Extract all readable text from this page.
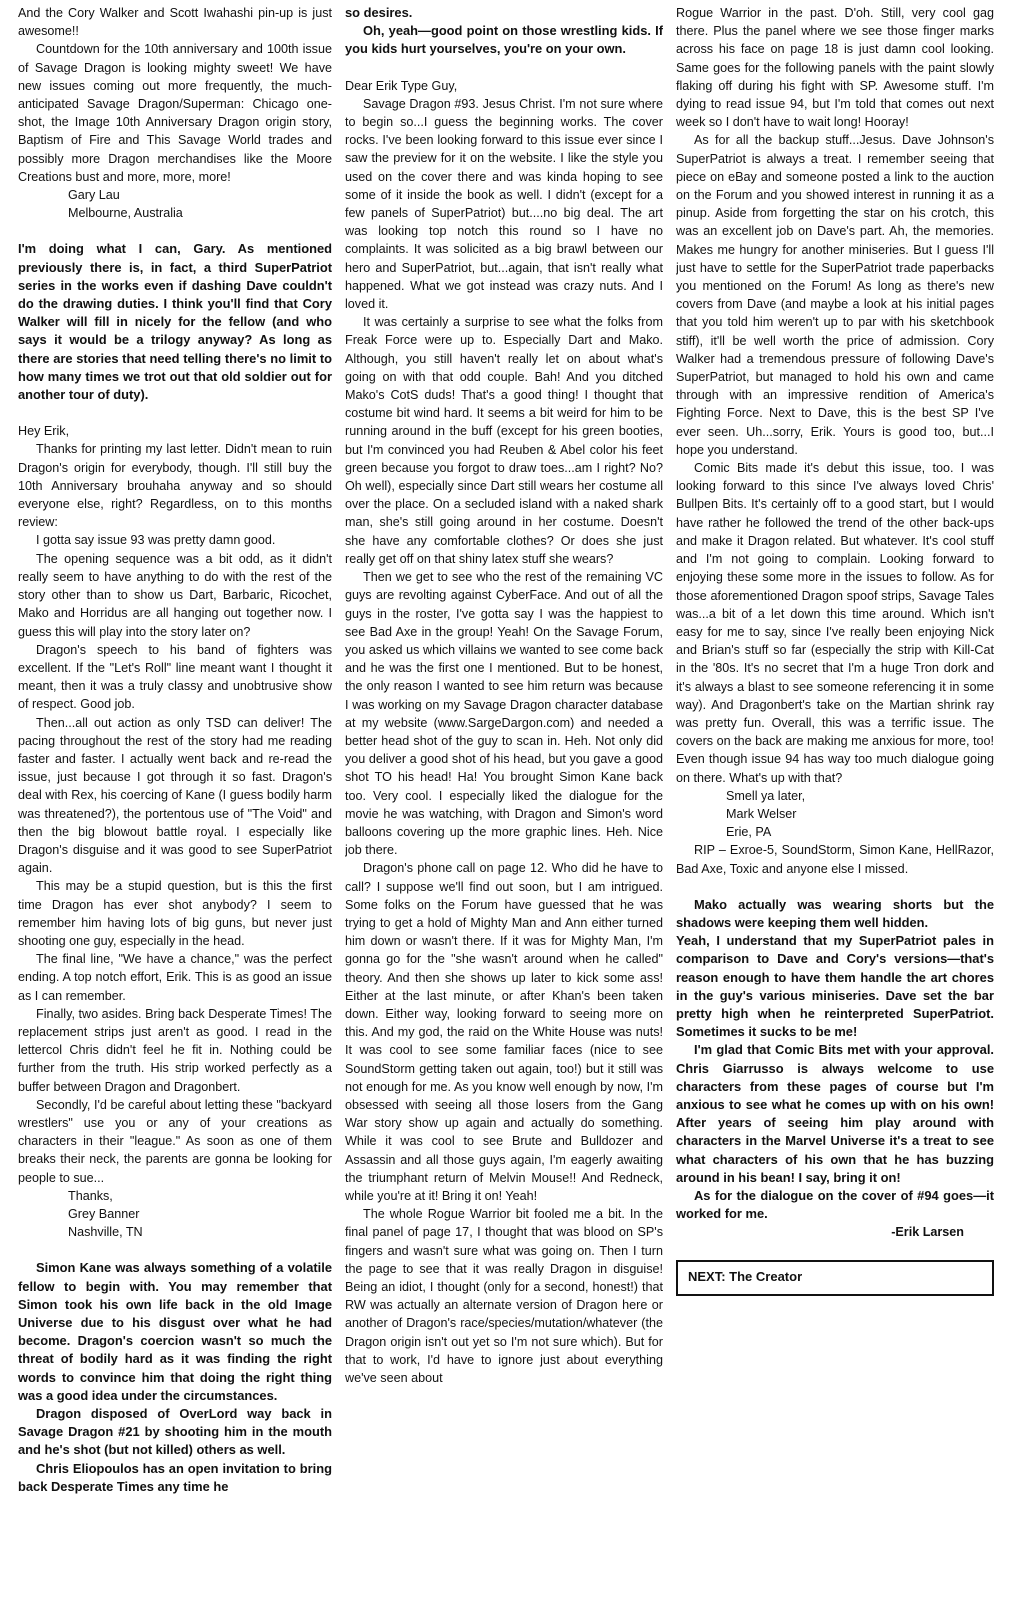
And the Cory Walker and Scott Iwahashi pin-up is just awesome!!

Countdown for the 10th anniversary and 100th issue of Savage Dragon is looking mighty sweet! We have new issues coming out more frequently, the much- anticipated Savage Dragon/Superman: Chicago one-shot, the Image 10th Anniversary Dragon origin story, Baptism of Fire and This Savage World trades and possibly more Dragon merchandises like the Moore Creations bust and more, more, more!

Gary Lau

Melbourne, Australia

I'm doing what I can, Gary. As mentioned previously there is, in fact, a third SuperPatriot series in the works even if dashing Dave couldn't do the drawing duties. I think you'll find that Cory Walker will fill in nicely for the fellow (and who says it would be a trilogy anyway? As long as there are stories that need telling there's no limit to how many times we trot out that old soldier out for another tour of duty).

Hey Erik,

Thanks for printing my last letter. Didn't mean to ruin Dragon's origin for everybody, though. I'll still buy the 10th Anniversary brouhaha anyway and so should everyone else, right? Regardless, on to this months review:

I gotta say issue 93 was pretty damn good.

The opening sequence was a bit odd, as it didn't really seem to have anything to do with the rest of the story other than to show us Dart, Barbaric, Ricochet, Mako and Horridus are all hanging out together now. I guess this will play into the story later on?

Dragon's speech to his band of fighters was excellent. If the "Let's Roll" line meant want I thought it meant, then it was a truly classy and unobtrusive show of respect. Good job.

Then...all out action as only TSD can deliver! The pacing throughout the rest of the story had me reading faster and faster. I actually went back and re-read the issue, just because I got through it so fast. Dragon's deal with Rex, his coercing of Kane (I guess bodily harm was threatened?), the portentous use of "The Void" and then the big blowout battle royal. I especially like Dragon's disguise and it was good to see SuperPatriot again.

This may be a stupid question, but is this the first time Dragon has ever shot anybody? I seem to remember him having lots of big guns, but never just shooting one guy, especially in the head.

The final line, "We have a chance," was the perfect ending. A top notch effort, Erik. This is as good an issue as I can remember.

Finally, two asides. Bring back Desperate Times! The replacement strips just aren't as good. I read in the lettercol Chris didn't feel he fit in. Nothing could be further from the truth. His strip worked perfectly as a buffer between Dragon and Dragonbert.

Secondly, I'd be careful about letting these "backyard wrestlers" use you or any of your creations as characters in their "league." As soon as one of them breaks their neck, the parents are gonna be looking for people to sue...

Thanks,

Grey Banner

Nashville, TN

Simon Kane was always something of a volatile fellow to begin with. You may remember that Simon took his own life back in the old Image Universe due to his disgust over what he had become. Dragon's coercion wasn't so much the threat of bodily hard as it was finding the right words to convince him that doing the right thing was a good idea under the circumstances.

Dragon disposed of OverLord way back in Savage Dragon #21 by shooting him in the mouth and he's shot (but not killed) others as well.

Chris Eliopoulos has an open invitation to bring back Desperate Times any time he

so desires.

Oh, yeah—good point on those wrestling kids. If you kids hurt yourselves, you're on your own.

Dear Erik Type Guy,

Savage Dragon #93. Jesus Christ. I'm not sure where to begin so...I guess the beginning works. The cover rocks. I've been looking forward to this issue ever since I saw the preview for it on the website. I like the style you used on the cover there and was kinda hoping to see some of it inside the book as well. I didn't (except for a few panels of SuperPatriot) but....no big deal. The art was looking top notch this round so I have no complaints. It was solicited as a big brawl between our hero and SuperPatriot, but...again, that isn't really what happened. What we got instead was crazy nuts. And I loved it.

It was certainly a surprise to see what the folks from Freak Force were up to. Especially Dart and Mako. Although, you still haven't really let on about what's going on with that odd couple. Bah! And you ditched Mako's CotS duds! That's a good thing! I thought that costume bit wind hard. It seems a bit weird for him to be running around in the buff (except for his green booties, but I'm convinced you had Reuben & Abel color his feet green because you forgot to draw toes...am I right? No? Oh well), especially since Dart still wears her costume all over the place. On a secluded island with a naked shark man, she's still going around in her costume. Doesn't she have any comfortable clothes? Or does she just really get off on that shiny latex stuff she wears?

Then we get to see who the rest of the remaining VC guys are revolting against CyberFace. And out of all the guys in the roster, I've gotta say I was the happiest to see Bad Axe in the group! Yeah! On the Savage Forum, you asked us which villains we wanted to see come back and he was the first one I mentioned. But to be honest, the only reason I wanted to see him return was because I was working on my Savage Dragon character database at my website (www.SargeDargon.com) and needed a better head shot of the guy to scan in. Heh. Not only did you deliver a good shot of his head, but you gave a good shot TO his head! Ha! You brought Simon Kane back too. Very cool. I especially liked the dialogue for the movie he was watching, with Dragon and Simon's word balloons covering up the more graphic lines. Heh. Nice job there.

Dragon's phone call on page 12. Who did he have to call? I suppose we'll find out soon, but I am intrigued. Some folks on the Forum have guessed that he was trying to get a hold of Mighty Man and Ann either turned him down or wasn't there. If it was for Mighty Man, I'm gonna go for the "she wasn't around when he called" theory. And then she shows up later to kick some ass! Either at the last minute, or after Khan's been taken down. Either way, looking forward to seeing more on this. And my god, the raid on the White House was nuts! It was cool to see some familiar faces (nice to see SoundStorm getting taken out again, too!) but it still was not enough for me. As you know well enough by now, I'm obsessed with seeing all those losers from the Gang War story show up again and actually do something. While it was cool to see Brute and Bulldozer and Assassin and all those guys again, I'm eagerly awaiting the triumphant return of Melvin Mouse!! And Redneck, while you're at it! Bring it on! Yeah!

The whole Rogue Warrior bit fooled me a bit. In the final panel of page 17, I thought that was blood on SP's fingers and wasn't sure what was going on. Then I turn the page to see that it was really Dragon in disguise! Being an idiot, I thought (only for a second, honest!) that RW was actually an alternate version of Dragon here or another of Dragon's race/species/mutation/whatever (the Dragon origin isn't out yet so I'm not sure which). But for that to work, I'd have to ignore just about everything we've seen about

Rogue Warrior in the past. D'oh. Still, very cool gag there. Plus the panel where we see those finger marks across his face on page 18 is just damn cool looking. Same goes for the following panels with the paint slowly flaking off during his fight with SP. Awesome stuff. I'm dying to read issue 94, but I'm told that comes out next week so I don't have to wait long! Hooray!

As for all the backup stuff...Jesus. Dave Johnson's SuperPatriot is always a treat. I remember seeing that piece on eBay and someone posted a link to the auction on the Forum and you showed interest in running it as a pinup. Aside from forgetting the star on his crotch, this was an excellent job on Dave's part. Ah, the memories. Makes me hungry for another miniseries. But I guess I'll just have to settle for the SuperPatriot trade paperbacks you mentioned on the Forum! As long as there's new covers from Dave (and maybe a look at his initial pages that you told him weren't up to par with his sketchbook stiff), it'll be well worth the price of admission. Cory Walker had a tremendous pressure of following Dave's SuperPatriot, but managed to hold his own and came through with an impressive rendition of America's Fighting Force. Next to Dave, this is the best SP I've ever seen. Uh...sorry, Erik. Yours is good too, but...I hope you understand.

Comic Bits made it's debut this issue, too. I was looking forward to this since I've always loved Chris' Bullpen Bits. It's certainly off to a good start, but I would have rather he followed the trend of the other back-ups and make it Dragon related. But whatever. It's cool stuff and I'm not going to complain. Looking forward to enjoying these some more in the issues to follow. As for those aforementioned Dragon spoof strips, Savage Tales was...a bit of a let down this time around. Which isn't easy for me to say, since I've really been enjoying Nick and Brian's stuff so far (especially the strip with Kill-Cat in the '80s. It's no secret that I'm a huge Tron dork and it's always a blast to see someone referencing it in some way). And Dragonbert's take on the Martian shrink ray was pretty fun. Overall, this was a terrific issue. The covers on the back are making me anxious for more, too! Even though issue 94 has way too much dialogue going on there. What's up with that?

Smell ya later,

Mark Welser

Erie, PA

RIP – Exroe-5, SoundStorm, Simon Kane, HellRazor, Bad Axe, Toxic and anyone else I missed.

Mako actually was wearing shorts but the shadows were keeping them well hidden.

Yeah, I understand that my SuperPatriot pales in comparison to Dave and Cory's versions—that's reason enough to have them handle the art chores in the guy's various miniseries. Dave set the bar pretty high when he reinterpreted SuperPatriot. Sometimes it sucks to be me!

I'm glad that Comic Bits met with your approval. Chris Giarrusso is always welcome to use characters from these pages of course but I'm anxious to see what he comes up with on his own! After years of seeing him play around with characters in the Marvel Universe it's a treat to see what characters of his own that he has buzzing around in his bean! I say, bring it on!

As for the dialogue on the cover of #94 goes—it worked for me.

-Erik Larsen

NEXT: The Creator
